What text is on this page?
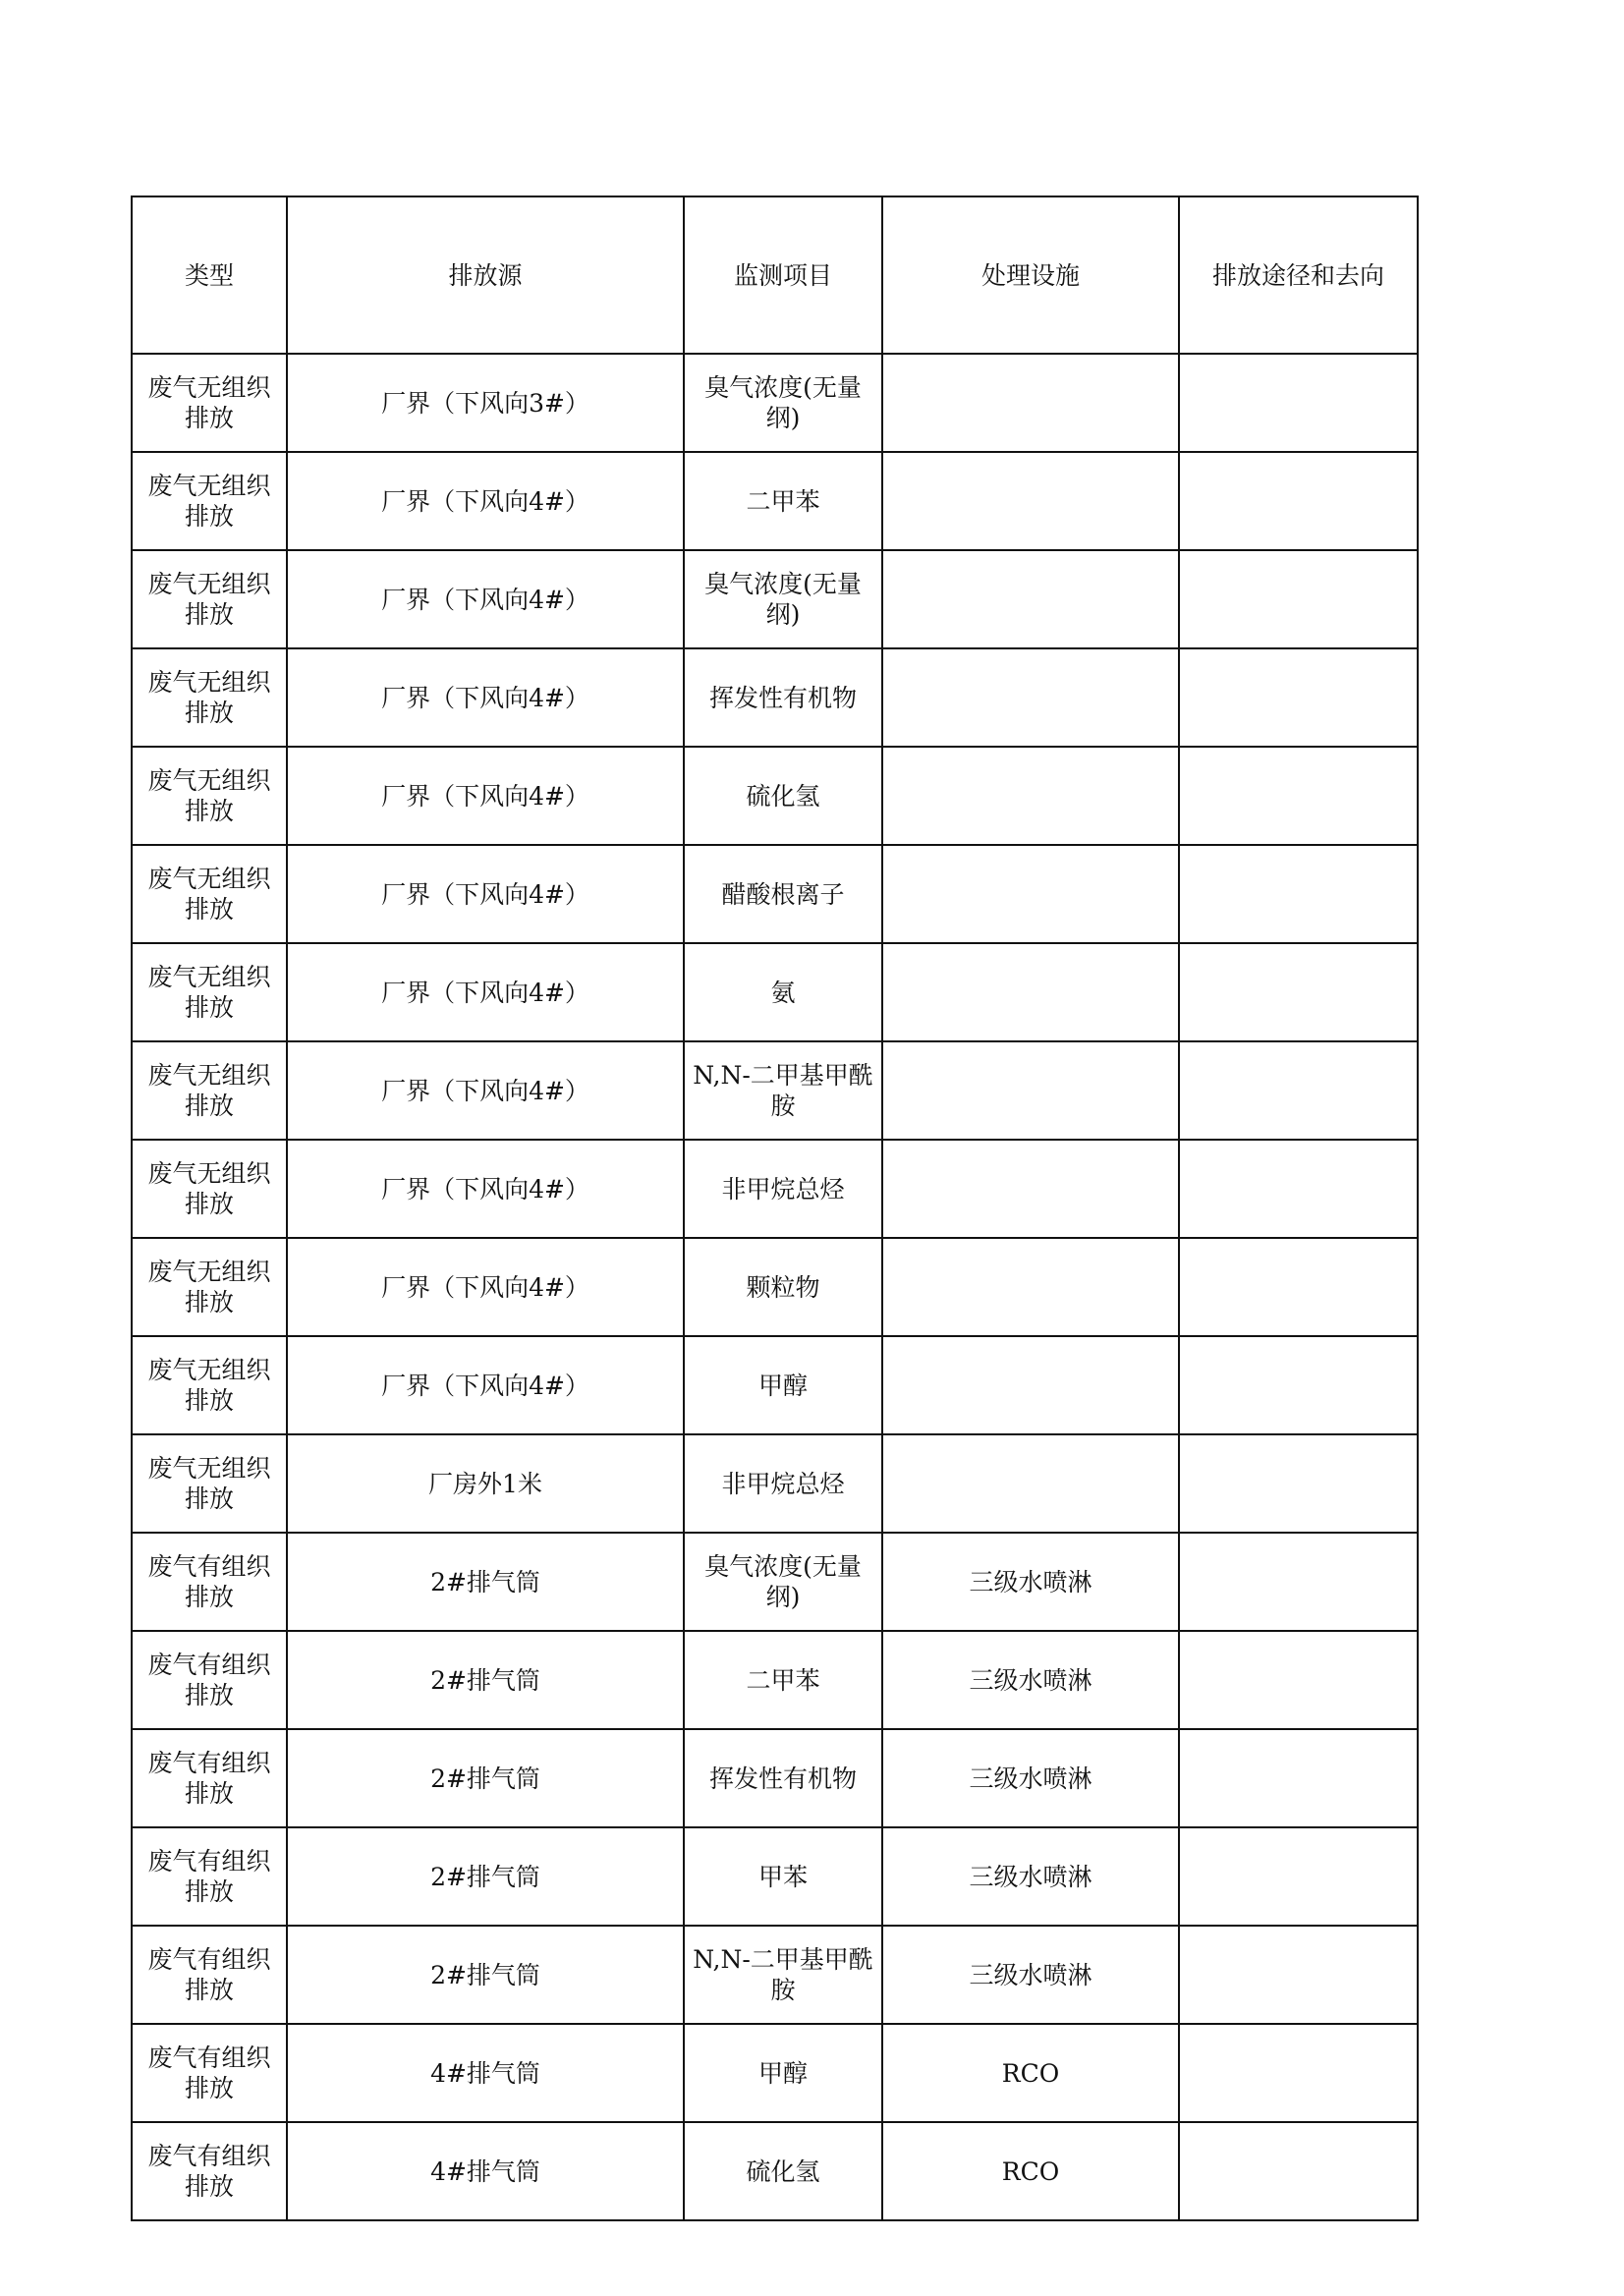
类型	排放源	监测项目	处理设施	排放途径和去向
废气无组织排放	厂界（下风向3#）	臭气浓度(无量纲)		
废气无组织排放	厂界（下风向4#）	二甲苯		
废气无组织排放	厂界（下风向4#）	臭气浓度(无量纲)		
废气无组织排放	厂界（下风向4#）	挥发性有机物		
废气无组织排放	厂界（下风向4#）	硫化氢		
废气无组织排放	厂界（下风向4#）	醋酸根离子		
废气无组织排放	厂界（下风向4#）	氨		
废气无组织排放	厂界（下风向4#）	N,N-二甲基甲酰胺		
废气无组织排放	厂界（下风向4#）	非甲烷总烃		
废气无组织排放	厂界（下风向4#）	颗粒物		
废气无组织排放	厂界（下风向4#）	甲醇		
废气无组织排放	厂房外1米	非甲烷总烃		
废气有组织排放	2#排气筒	臭气浓度(无量纲)	三级水喷淋	
废气有组织排放	2#排气筒	二甲苯	三级水喷淋	
废气有组织排放	2#排气筒	挥发性有机物	三级水喷淋	
废气有组织排放	2#排气筒	甲苯	三级水喷淋	
废气有组织排放	2#排气筒	N,N-二甲基甲酰胺	三级水喷淋	
废气有组织排放	4#排气筒	甲醇	RCO	
废气有组织排放	4#排气筒	硫化氢	RCO	
